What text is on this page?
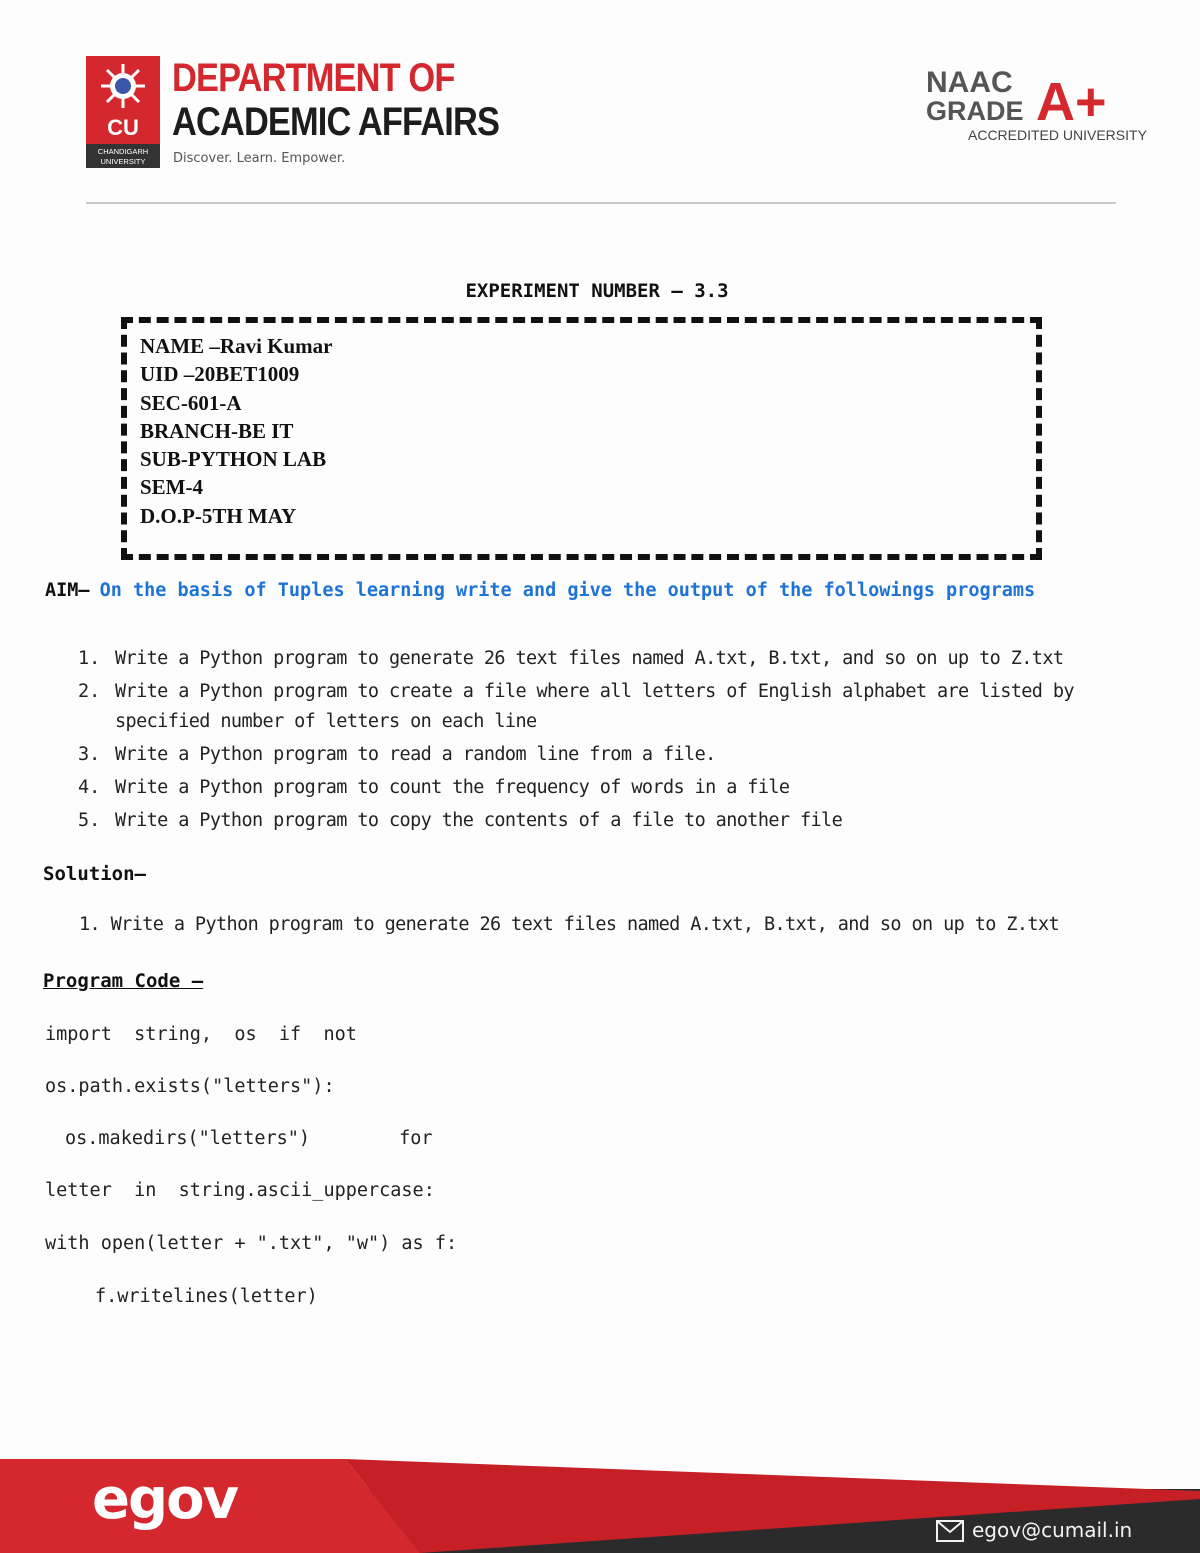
CU
CHANDIGARH
UNIVERSITY
DEPARTMENT OF
ACADEMIC AFFAIRS
Discover. Learn. Empower.
NAAC
GRADE A+
ACCREDITED UNIVERSITY
EXPERIMENT NUMBER – 3.3
NAME –Ravi Kumar
UID –20BET1009
SEC-601-A
BRANCH-BE IT
SUB-PYTHON LAB
SEM-4
D.O.P-5TH MAY
AIM– On the basis of Tuples learning write and give the output of the followings programs
1. Write a Python program to generate 26 text files named A.txt, B.txt, and so on up to Z.txt
2. Write a Python program to create a file where all letters of English alphabet are listed by specified number of letters on each line
3. Write a Python program to read a random line from a file.
4. Write a Python program to count the frequency of words in a file
5. Write a Python program to copy the contents of a file to another file
Solution–
1. Write a Python program to generate 26 text files named A.txt, B.txt, and so on up to Z.txt
Program Code –
import  string,  os  if  not
os.path.exists("letters"):
os.makedirs("letters")        for
letter  in  string.ascii_uppercase:
with open(letter + ".txt", "w") as f:
f.writelines(letter)
egov	egov@cumail.in
